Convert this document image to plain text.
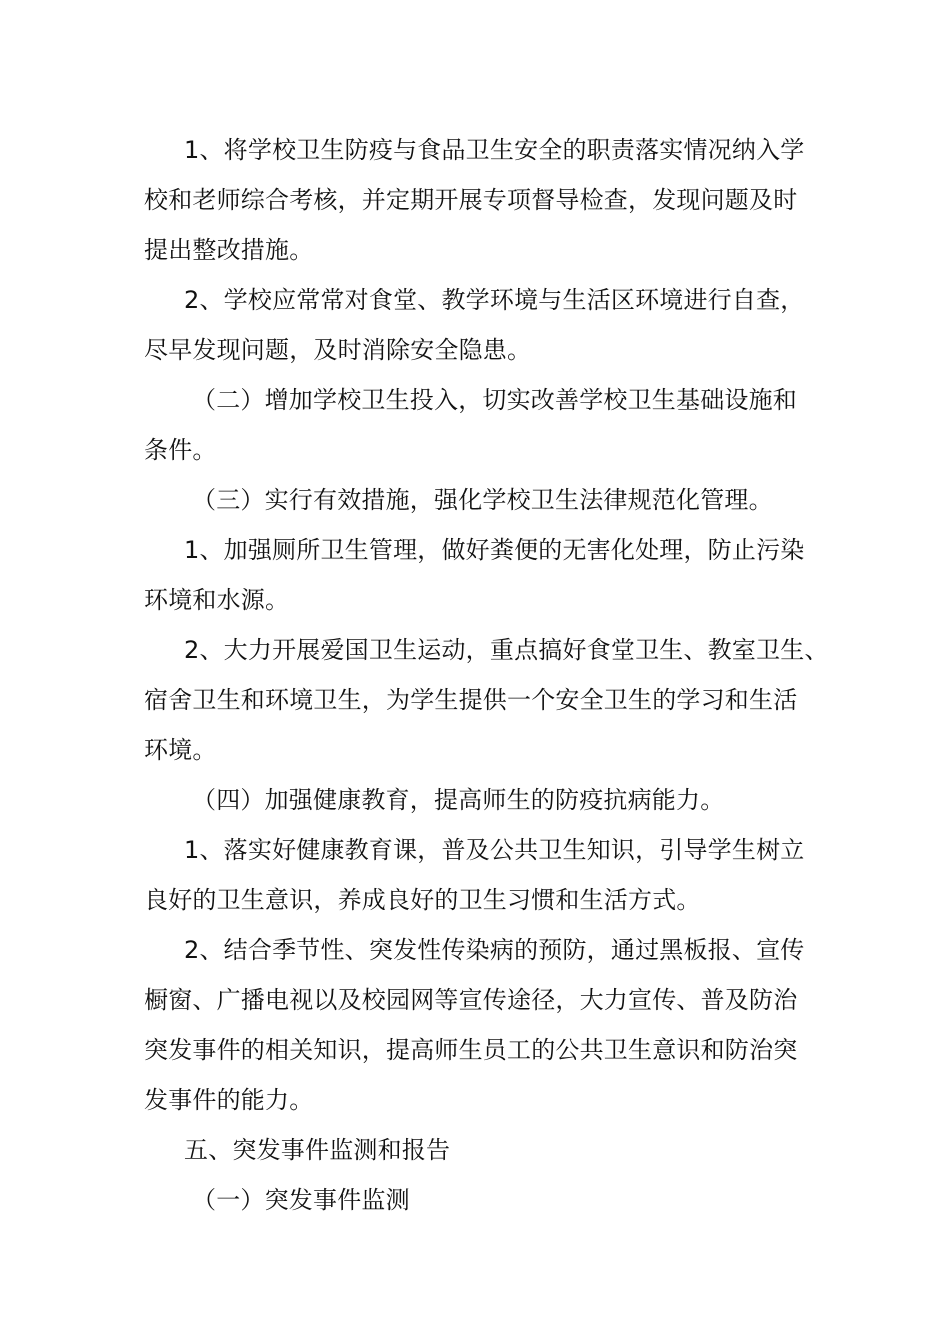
1、将学校卫生防疫与食品卫生安全的职责落实情况纳入学
校和老师综合考核，并定期开展专项督导检查，发现问题及时
提出整改措施。
2、学校应常常对食堂、教学环境与生活区环境进行自查，
尽早发现问题，及时消除安全隐患。
（二）增加学校卫生投入，切实改善学校卫生基础设施和
条件。
（三）实行有效措施，强化学校卫生法律规范化管理。
1、加强厕所卫生管理，做好粪便的无害化处理，防止污染
环境和水源。
2、大力开展爱国卫生运动，重点搞好食堂卫生、教室卫生、
宿舍卫生和环境卫生，为学生提供一个安全卫生的学习和生活
环境。
（四）加强健康教育，提高师生的防疫抗病能力。
1、落实好健康教育课，普及公共卫生知识，引导学生树立
良好的卫生意识，养成良好的卫生习惯和生活方式。
2、结合季节性、突发性传染病的预防，通过黑板报、宣传
橱窗、广播电视以及校园网等宣传途径，大力宣传、普及防治
突发事件的相关知识，提高师生员工的公共卫生意识和防治突
发事件的能力。
五、突发事件监测和报告
（一）突发事件监测
